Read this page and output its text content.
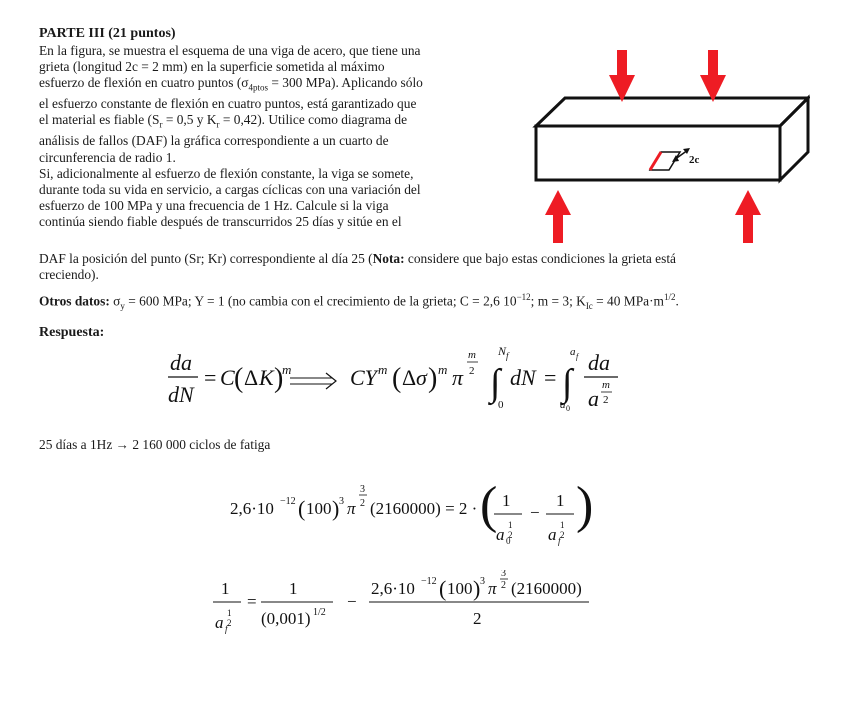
PARTE III (21 puntos)
En la figura, se muestra el esquema de una viga de acero, que tiene una
grieta (longitud 2c = 2 mm) en la superficie sometida al máximo
esfuerzo de flexión en cuatro puntos ($\sigma_{4ptos} = 300$ MPa). Aplicando sólo
el esfuerzo constante de flexión en cuatro puntos, está garantizado que
el material es fiable ($S_r = 0,5$ y $K_r = 0,42$). Utilice como diagrama de
análisis de fallos (DAF) la gráfica correspondiente a un cuarto de
circunferencia de radio 1.
Si, adicionalmente al esfuerzo de flexión constante, la viga se somete,
durante toda su vida en servicio, a cargas cíclicas con una variación del
esfuerzo de 100 MPa y una frecuencia de 1 Hz. Calcule si la viga
continúa siendo fiable después de transcurridos 25 días y sitúe en el
DAF la posición del punto (Sr; Kr) correspondiente al día 25 (Nota: considere que bajo estas condiciones la grieta está
creciendo).
Otros datos: $\sigma_y = 600$ MPa; Y = 1 (no cambia con el crecimiento de la grieta; C = 2,6 $10^{-12}$; m = 3; $K_{Ic} = 40$ $MPa\cdot m^{1/2}$.
2c
Respuesta:
da
dN
= C ( Δ K )
m	CY m ( Δ σ ) m π
m
2 ∫
N f
0
dN = ∫
a f
a 0
da
a
m
2
25 días a 1Hz → 2 160 000 ciclos de fatiga
2,6·10 −12 ( 100 ) 3 π
3
2 (2160000) = 2 · ( 1
a 0
1
2
−
1
a f
1
2
)
1
a f
1
2
=
1
(0,001) 1/2
−
2,6·10 −12 ( 100 ) 3 π
3
2 (2160000)
2
